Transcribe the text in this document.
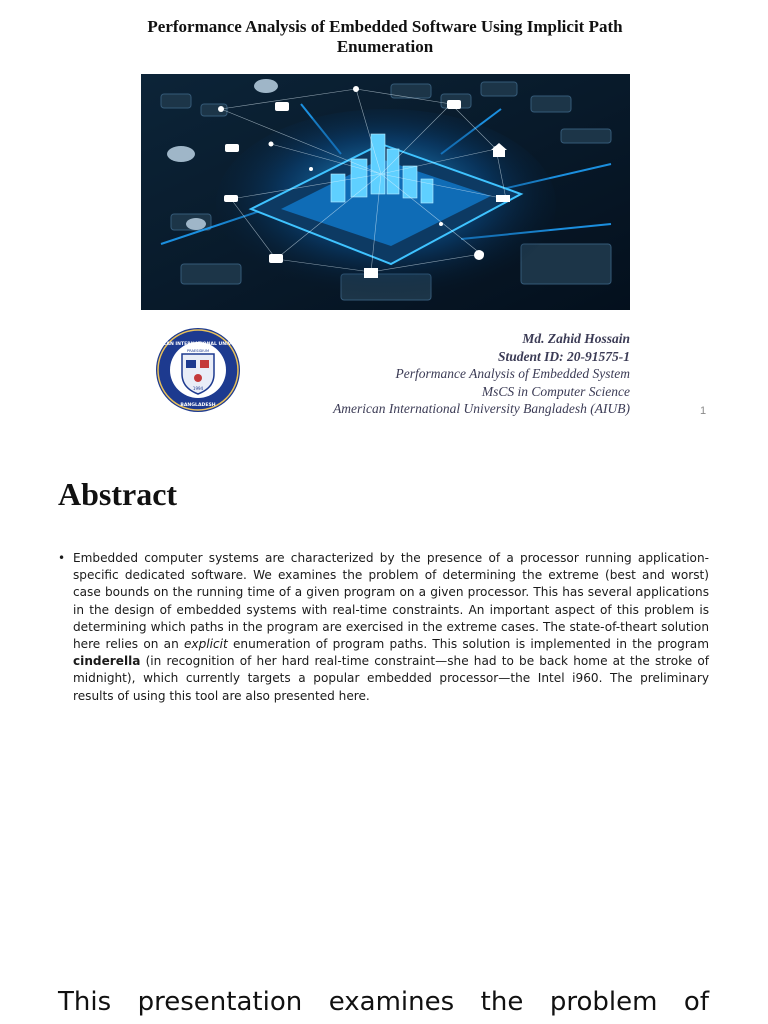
Performance Analysis of Embedded Software Using Implicit Path Enumeration
AMERICAN INTERNATIONAL UNIVERSITY
BANGLADESH
PRAESIDIUM
1994
Md. Zahid Hossain
Student ID: 20-91575-1
Performance Analysis of Embedded System
MsCS in Computer Science
American International University Bangladesh (AIUB)	1
Abstract
• Embedded computer systems are characterized by the presence of a processor running application-specific dedicated software. We examines the problem of determining the extreme (best and worst) case bounds on the running time of a given program on a given processor. This has several applications in the design of embedded systems with real-time constraints. An important aspect of this problem is determining which paths in the program are exercised in the extreme cases. The state-of-theart solution here relies on an explicit enumeration of program paths. This solution is implemented in the program cinderella (in recognition of her hard real-time constraint—she had to be back home at the stroke of midnight), which currently targets a popular embedded processor—the Intel i960. The preliminary results of using this tool are also presented here.
This presentation examines the problem of
